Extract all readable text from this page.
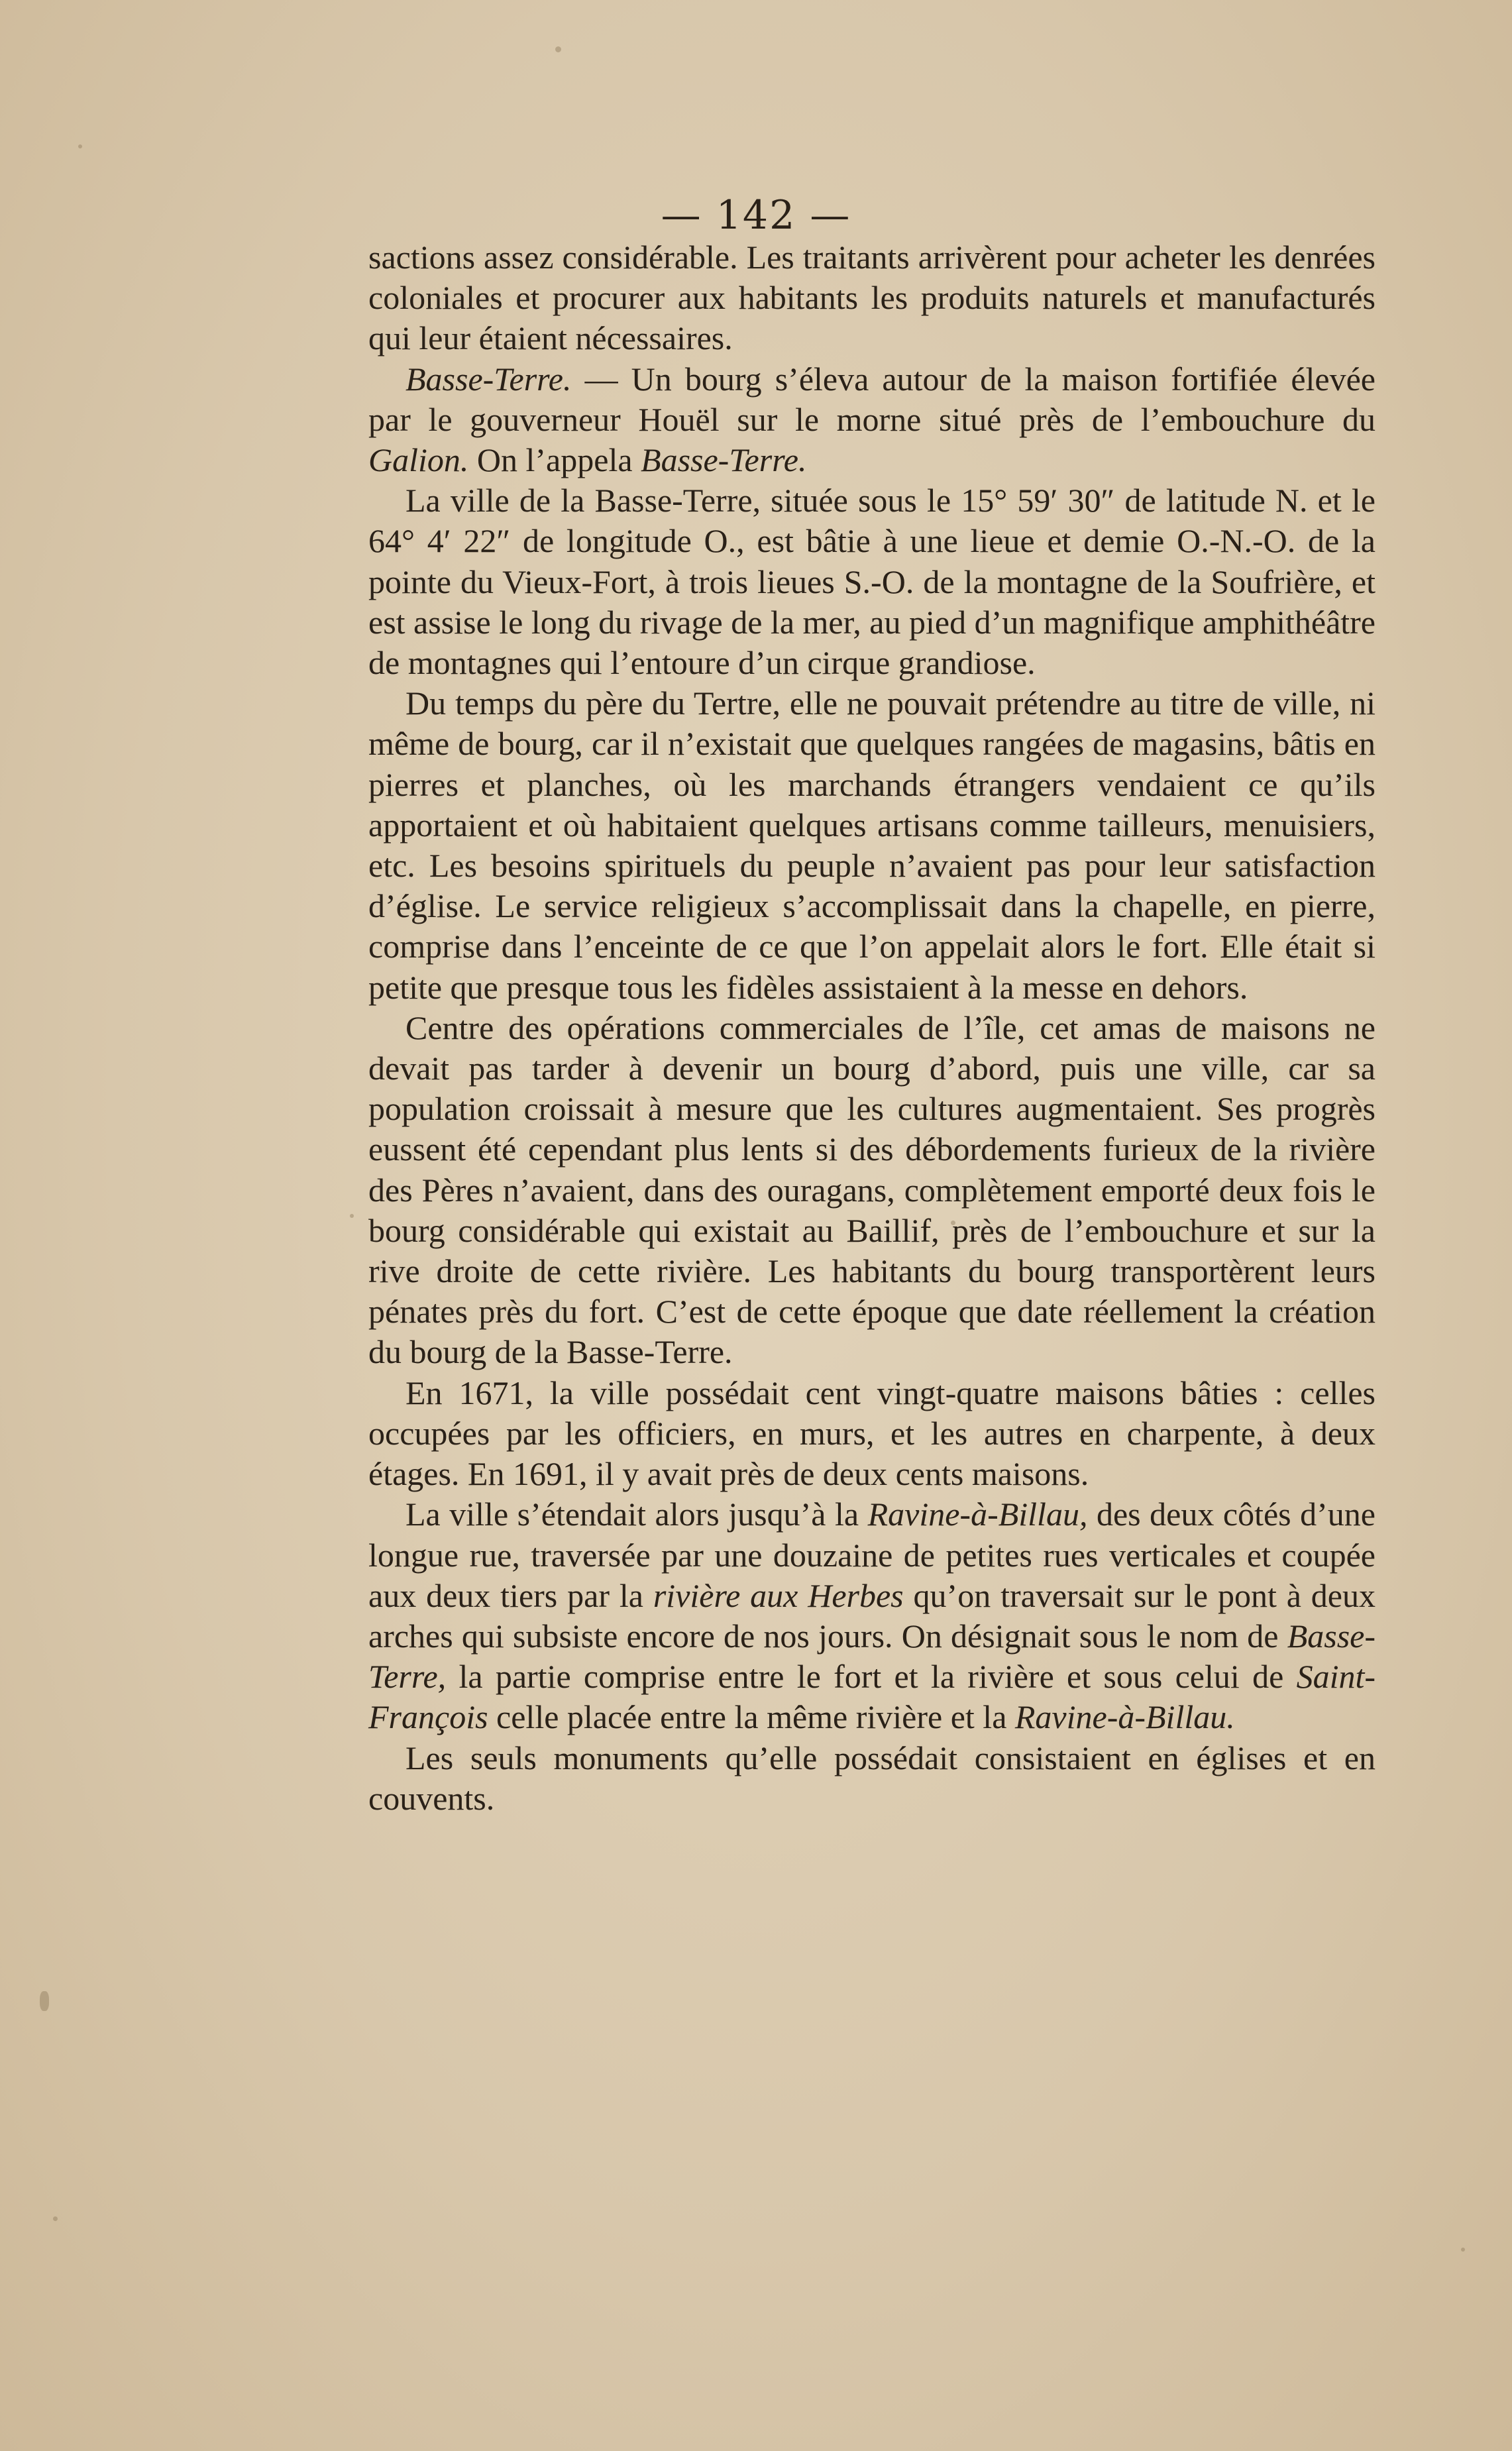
— 142 —

sactions assez considérable. Les traitants arrivèrent pour acheter les denrées coloniales et procurer aux habitants les produits naturels et manufacturés qui leur étaient nécessaires.

Basse-Terre. — Un bourg s’éleva autour de la maison fortifiée élevée par le gouverneur Houël sur le morne situé près de l’embouchure du Galion. On l’appela Basse-Terre.

La ville de la Basse-Terre, située sous le 15° 59′ 30″ de latitude N. et le 64° 4′ 22″ de longitude O., est bâtie à une lieue et demie O.-N.-O. de la pointe du Vieux-Fort, à trois lieues S.-O. de la montagne de la Soufrière, et est assise le long du rivage de la mer, au pied d’un magnifique amphithéâtre de montagnes qui l’entoure d’un cirque grandiose.

Du temps du père du Tertre, elle ne pouvait prétendre au titre de ville, ni même de bourg, car il n’existait que quelques rangées de magasins, bâtis en pierres et planches, où les marchands étrangers vendaient ce qu’ils apportaient et où habitaient quelques artisans comme tailleurs, menuisiers, etc. Les besoins spirituels du peuple n’avaient pas pour leur satisfaction d’église. Le service religieux s’accomplissait dans la chapelle, en pierre, comprise dans l’enceinte de ce que l’on appelait alors le fort. Elle était si petite que presque tous les fidèles assistaient à la messe en dehors.

Centre des opérations commerciales de l’île, cet amas de maisons ne devait pas tarder à devenir un bourg d’abord, puis une ville, car sa population croissait à mesure que les cultures augmentaient. Ses progrès eussent été cependant plus lents si des débordements furieux de la rivière des Pères n’avaient, dans des ouragans, complètement emporté deux fois le bourg considérable qui existait au Baillif, près de l’embouchure et sur la rive droite de cette rivière. Les habitants du bourg transportèrent leurs pénates près du fort. C’est de cette époque que date réellement la création du bourg de la Basse-Terre.

En 1671, la ville possédait cent vingt-quatre maisons bâties : celles occupées par les officiers, en murs, et les autres en charpente, à deux étages. En 1691, il y avait près de deux cents maisons.

La ville s’étendait alors jusqu’à la Ravine-à-Billau, des deux côtés d’une longue rue, traversée par une douzaine de petites rues verticales et coupée aux deux tiers par la rivière aux Herbes qu’on traversait sur le pont à deux arches qui subsiste encore de nos jours. On désignait sous le nom de Basse-Terre, la partie comprise entre le fort et la rivière et sous celui de Saint-François celle placée entre la même rivière et la Ravine-à-Billau.

Les seuls monuments qu’elle possédait consistaient en églises et en couvents.
